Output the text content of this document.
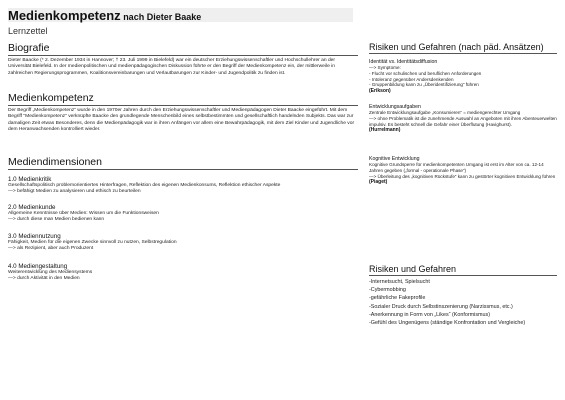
Medienkompetenz nach Dieter Baake
Lernzettel
Biografie

Dieter Baacke (* 2. Dezember 1934 in Hannover; † 23. Juli 1999 in Bielefeld) war ein deutscher Erziehungswissenschaftler und Hochschullehrer an der Universität Bielefeld. In der medienpolitischen und medienpädagogischen Diskussion führte er den Begriff der Medienkompetenz ein, der mittlerweile in zahlreichen Regierungsprogrammen, Koalitionsvereinbarungen und Verlautbarungen zur Kinder- und Jugendpolitik zu finden ist.

Medienkompetenz

Der Begriff „Medienkompetenz“ wurde in den 1970er Jahren durch den Erziehungswissenschaftler und Medienpädagogen Dieter Baacke eingeführt. Mit dem Begriff "Medienkompetenz" verknüpfte Baacke den grundlegende Menschenbild eines selbstbestimmten und gesellschaftlich handelnden Subjekts. Das war zur damaligen Zeit etwas Besonderes, denn die Medienpädagogik war in ihren Anfängen vor allem eine Bewahrpädagogik, mit dem Ziel Kinder und Jugendliche vor dem Heranwachsenden kontrolliert wieder.

Mediendimensionen

1.0 Medienkritik

Gesellschaftspolitisch problemorientiertes Hinterfragen, Reflektion des eigenen Medienkonsums, Reflektion ethischer Aspekte
—> befähigt Medien zu analysieren und ethisch zu beurteilen

2.0 Medienkunde

Allgemeine Kenntnisse über Medien: Wissen um die Funktionsweisen
—> durch diese man Medien bedienen kann

3.0 Mediennutzung

Fähigkeit, Medien für die eigenen Zwecke sinnvoll zu nutzen, Selbstregulation
—> als Rezipient, aber auch Produzent

4.0 Mediengestaltung

Weiterentwicklung des Mediensystems
—> durch Aktivität in den Medien

Risiken und Gefahren (nach päd. Ansätzen)

Identität vs. Identitätsdiffusion

—> Symptome:
- Flucht vor schulischen und beruflichen Anforderungen
- Intoleranz gegenüber Andersdenkenden
- Gruppenbildung kann zu „Überidentifizierung“ führen

(Erikson)

Entwicklungsaufgaben

Zentrale Entwicklungsaufgabe „Konsumieren“ = mediengerechter Umgang
—> ohne Problematik ist die zunehmende Auswahl an Angeboten mit ihren Abenteuerwelten impulsiv. Es besteht schnell die Gefahr einer Überflutung (Havighurst).

(Hurrelmann)

Kognitive Entwicklung

Kognitive Grundsperre für medienkompetenten Umgang ist erst im Alter von ca. 12-14 Jahren gegeben („formal - operationale Phase“)
—> Überleitung des „kognitiven Rückstufe“ kann zu gestörter kognitiven Entwicklung führen

(Piaget)

Risiken und Gefahren

-Internetsucht, Spielsucht
-Cybermobbing
-gefährliche Fakeprofile
-Sozialer Druck durch Selbstinszenierung (Narzissmus, etc.)
-Anerkennung in Form von „Likes“ (Konformismus)
-Gefühl des Ungenügens (ständige Konfrontation und Vergleiche)
